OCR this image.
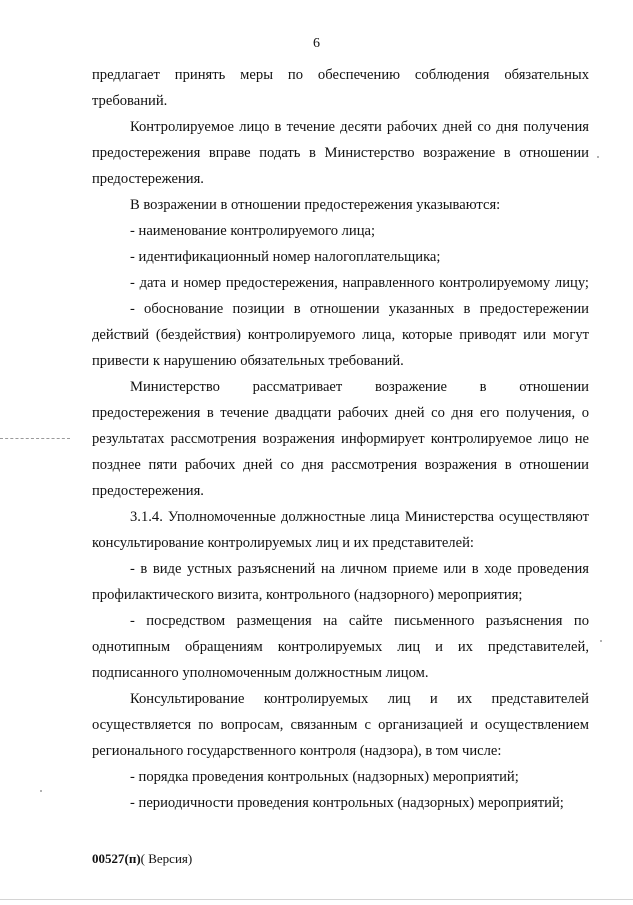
6
предлагает принять меры по обеспечению соблюдения обязательных
требований.
Контролируемое лицо в течение десяти рабочих дней со дня получения
предостережения вправе подать в Министерство возражение в отношении
предостережения.
В возражении в отношении предостережения указываются:
- наименование контролируемого лица;
- идентификационный номер налогоплательщика;
- дата и номер предостережения, направленного контролируемому лицу;
- обоснование позиции в отношении указанных в предостережении
действий (бездействия) контролируемого лица, которые приводят или могут
привести к нарушению обязательных требований.
Министерство рассматривает возражение в отношении
предостережения в течение двадцати рабочих дней со дня его получения, о
результатах рассмотрения возражения информирует контролируемое лицо не
позднее пяти рабочих дней со дня рассмотрения возражения в отношении
предостережения.
3.1.4. Уполномоченные должностные лица Министерства осуществляют
консультирование контролируемых лиц и их представителей:
- в виде устных разъяснений на личном приеме или в ходе проведения
профилактического визита, контрольного (надзорного) мероприятия;
- посредством размещения на сайте письменного разъяснения по
однотипным обращениям контролируемых лиц и их представителей,
подписанного уполномоченным должностным лицом.
Консультирование контролируемых лиц и их представителей
осуществляется по вопросам, связанным с организацией и осуществлением
регионального государственного контроля (надзора), в том числе:
- порядка проведения контрольных (надзорных) мероприятий;
- периодичности проведения контрольных (надзорных) мероприятий;
00527(п)( Версия)
